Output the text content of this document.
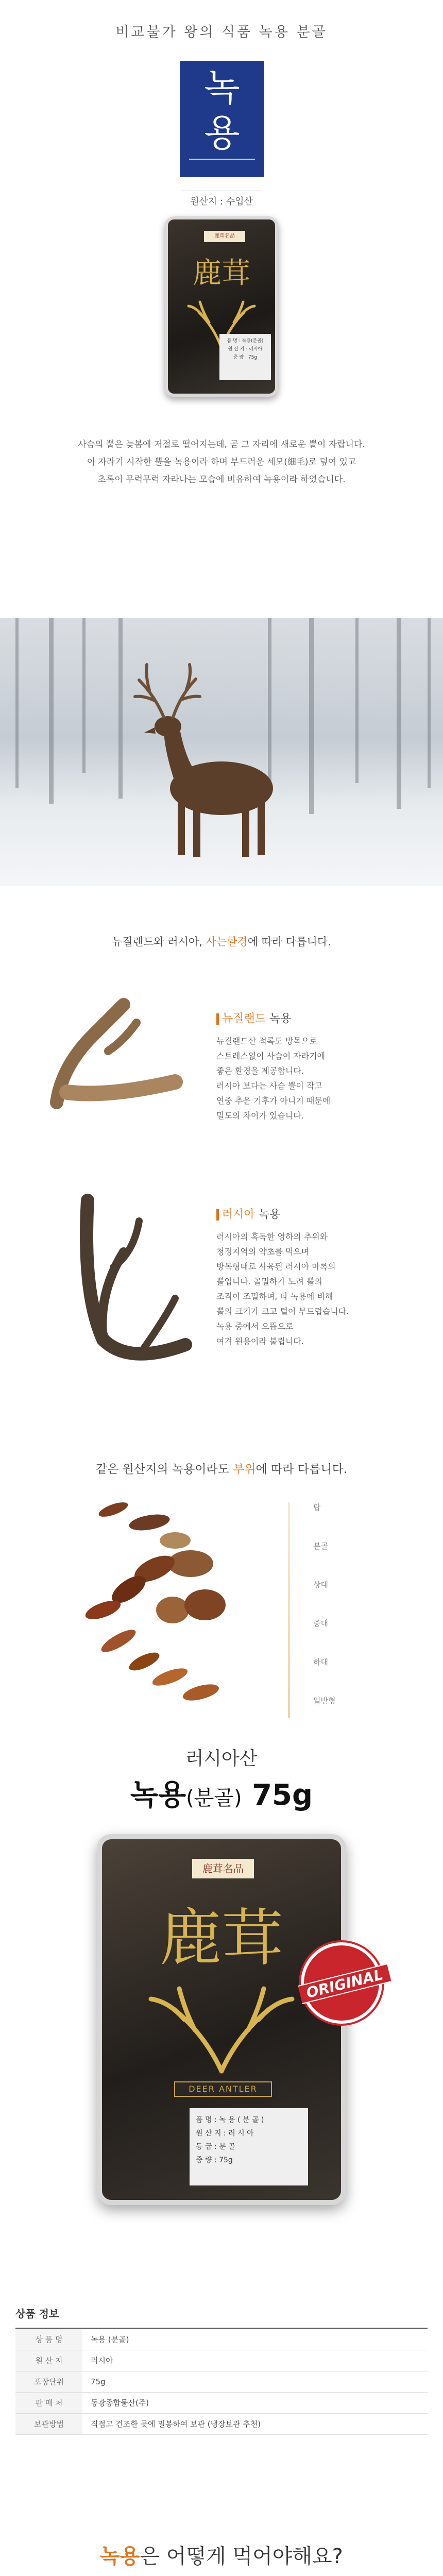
비교불가 왕의 식품 녹용 분골
녹
용
원산지 : 수입산
鹿茸名品
鹿茸
품 명 : 녹용(분골)
원 산 지 : 러시아
중 량 : 75g
사슴의 뿔은 늦봄에 저절로 떨어지는데, 곧 그 자리에 새로운 뿔이 자랍니다.
이 자라기 시작한 뿔을 녹용이라 하며 부드러운 세모(細毛)로 덮여 있고
초록이 무럭무럭 자라나는 모습에 비유하여 녹용이라 하였습니다.
뉴질랜드와 러시아, 사는환경에 따라 다릅니다.
뉴질랜드 녹용
뉴질랜드산 적록도 방목으로
스트레스없이 사슴이 자라기에
좋은 환경을 제공합니다.
러시아 보다는 사슴 뿔이 작고
연중 추운 기후가 아니기 때문에
밀도의 차이가 있습니다.
러시아 녹용
러시아의 혹독한 영하의 추위와
청정지역의 약초를 먹으며
방목형태로 사육된 러시아 마록의
뿔입니다. 골밀하가 노려 뿔의
조직이 조밀하며, 타 녹용에 비해
뿔의 크기가 크고 털이 부드럽습니다.
녹용 중에서 으뜸으로
여겨 원용이라 불립니다.
같은 원산지의 녹용이라도 부위에 따라 다릅니다.
탑
분골
상대
중대
하대
일반형
러시아산
녹용(분골) 75g
鹿茸名品
鹿茸
DEER ANTLER
품 명 : 녹 용 ( 분 골 )
원 산 지 : 러 시 아
등 급 : 분 골
중 량 : 75g
ORIGINAL
상품 정보
상 품 명	녹용 (분골)
원 산 지	러시아
포장단위	75g
판 매 처	동광종합물산(주)
보관방법	직접고 건조한 곳에 밀봉하여 보관 (냉장보관 추천)
녹용은 어떻게 먹어야해요?
